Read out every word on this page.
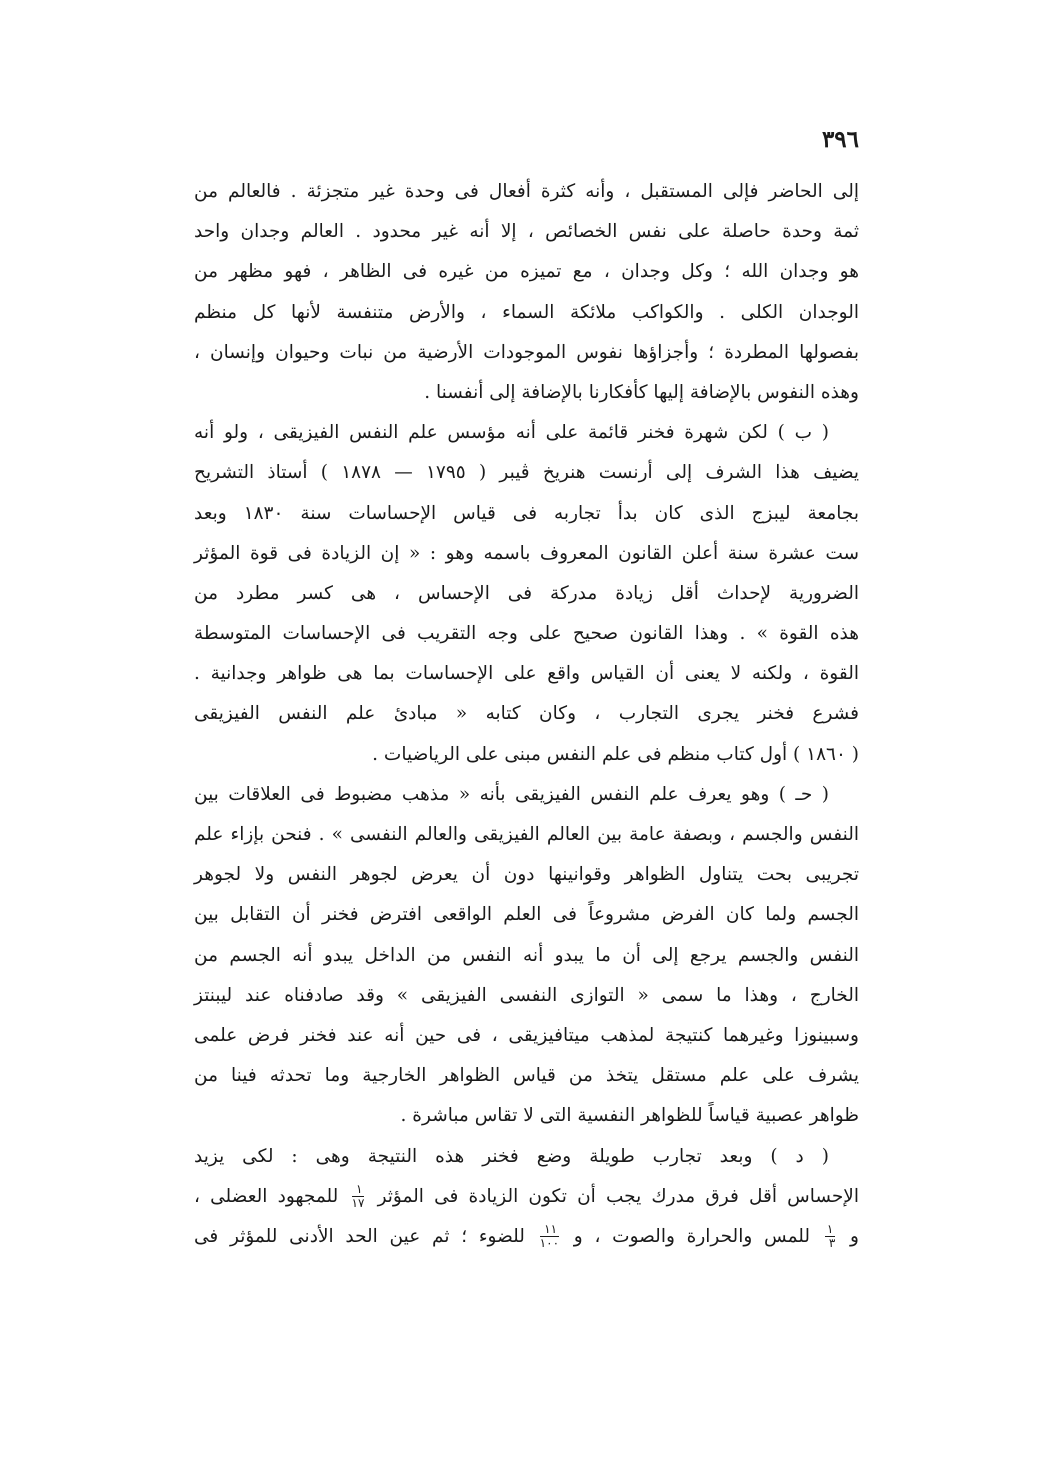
٣٩٦
إلى الحاضر فإلى المستقبل ، وأنه كثرة أفعال فى وحدة غير متجزئة . فالعالم من
ثمة وحدة حاصلة على نفس الخصائص ، إلا أنه غير محدود . العالم وجدان واحد
هو وجدان الله ؛ وكل وجدان ، مع تميزه من غيره فى الظاهر ، فهو مظهر من
الوجدان الكلى . والكواكب ملائكة السماء ، والأرض متنفسة لأنها كل منظم
بفصولها المطردة ؛ وأجزاؤها نفوس الموجودات الأرضية من نبات وحيوان وإنسان ،
وهذه النفوس بالإضافة إليها كأفكارنا بالإضافة إلى أنفسنا .
( ب ) لكن شهرة فخنر قائمة على أنه مؤسس علم النفس الفيزيقى ، ولو أنه
يضيف هذا الشرف إلى أرنست هنريخ ڤيبر ( ١٧٩٥ — ١٨٧٨ ) أستاذ التشريح
بجامعة ليبزج الذى كان بدأ تجاربه فى قياس الإحساسات سنة ١٨٣٠ وبعد
ست عشرة سنة أعلن القانون المعروف باسمه وهو : « إن الزيادة فى قوة المؤثر
الضرورية لإحداث أقل زيادة مدركة فى الإحساس ، هى كسر مطرد من
هذه القوة » . وهذا القانون صحيح على وجه التقريب فى الإحساسات المتوسطة
القوة ، ولكنه لا يعنى أن القياس واقع على الإحساسات بما هى ظواهر وجدانية .
فشرع فخنر يجرى التجارب ، وكان كتابه « مبادئ علم النفس الفيزيقى
( ١٨٦٠ ) أول كتاب منظم فى علم النفس مبنى على الرياضيات .
( حـ ) وهو يعرف علم النفس الفيزيقى بأنه « مذهب مضبوط فى العلاقات بين
النفس والجسم ، وبصفة عامة بين العالم الفيزيقى والعالم النفسى » . فنحن بإزاء علم
تجريبى بحت يتناول الظواهر وقوانينها دون أن يعرض لجوهر النفس ولا لجوهر
الجسم ولما كان الفرض مشروعاً فى العلم الواقعى افترض فخنر أن التقابل بين
النفس والجسم يرجع إلى أن ما يبدو أنه النفس من الداخل يبدو أنه الجسم من
الخارج ، وهذا ما سمى « التوازى النفسى الفيزيقى » وقد صادفناه عند ليبنتز
وسبينوزا وغيرهما كنتيجة لمذهب ميتافيزيقى ، فى حين أنه عند فخنر فرض علمى
يشرف على علم مستقل يتخذ من قياس الظواهر الخارجية وما تحدثه فينا من
ظواهر عصبية قياساً للظواهر النفسية التى لا تقاس مباشرة .
( د ) وبعد تجارب طويلة وضع فخنر هذه النتيجة وهى : لكى يزيد
الإحساس أقل فرق مدرك يجب أن تكون الزيادة فى المؤثر
$\frac{١}{١٧}$
للمجهود العضلى ،
و
$\frac{١}{٣}$
للمس والحرارة والصوت ، و
$\frac{١١}{١٠٠}$
للضوء ؛ ثم عين الحد الأدنى للمؤثر فى
